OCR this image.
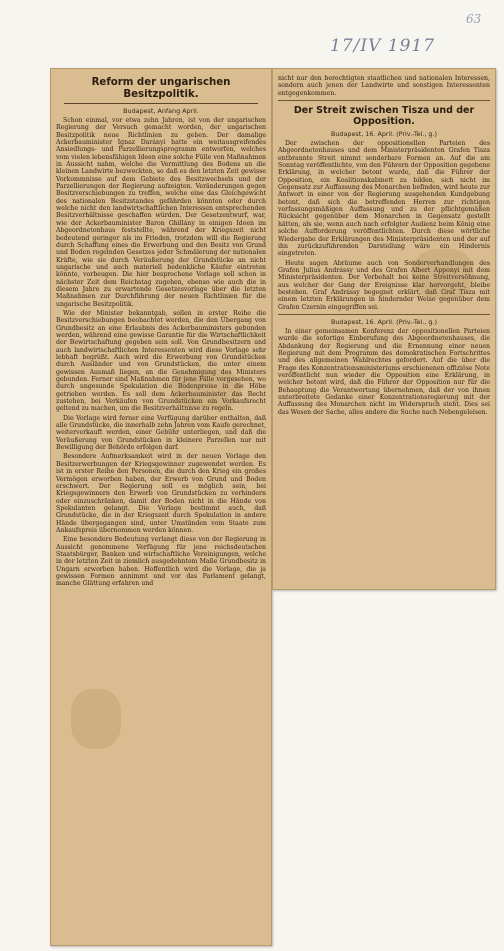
63
17/IV 1917
Reform der ungarischen Besitzpolitik.
Budapest, Anfang April.

Schon einmal, vor etwa zehn Jahren, ist von der ungarischen Regierung der Versuch gemacht worden, der ungarischen Besitzpolitik neue Richtlinien zu geben. Der damalige Ackerbauminister Ignaz Darányi hatte ein weitausgreifendes Ansiedlungs- und Parzellierungsprogramm entworfen, welches vom vielen lebensfähigen Ideen eine solche Fülle von Maßnahmen in Aussicht nahm, welche die Vermittlung des Bodens an die kleinen Landwirte bezweckten, so daß es den letzten Zeit gewisse Vorkommnisse auf dem Gebiete des Besitzwechsels und der Parzellierungen der Regierung aufzeigten. Veränderungen gegen Besitzverschiebungen zu treffen, welche eine das Gleichgewicht des nationalen Besitzstandes gefährden könnten oder durch welche nicht den landwirtschaftlichen Interessen entsprechenden Besitzverhältnisse geschaffen würden. Der Gesetzentwurf, war, wie der Ackerbauminister Baron Ghillány in einigen Ideen im Abgeordnetenhaus feststellte, während der Kriegszeit nicht bedeutend geringer als im Frieden, trotzdem will die Regierung durch Schaffung eines die Erwerbung und den Besitz von Grund und Boden regelnden Gesetzes jeder Schmälerung der nationalen Kräfte, wie sie durch Veräußerung der Grundstücke an nicht ungarische und auch materiell bedenkliche Käufer eintreten könnte, vorbeugen. Die hier besprochene Vorlage soll schon in nächster Zeit dem Reichstag zugehen, ebenso wie auch die in diesem Jahre zu erwartende Gesetzesvorlage über die letzten Maßnahmen zur Durchführung der neuen Richtlinien für die ungarische Besitzpolitik.

Wie der Minister bekanntgab, sollen in erster Reihe die Besitzverschiebungen beobachtet werden, die den Übergang von Grundbesitz an eine Erlaubnis des Ackerbauministers gebunden werden, während eine gewisse Garantie für die Wirtschaftlichkeit der Bewirtschaftung gegeben sein soll. Von Grundbesitzern und auch landwirtschaftlichen Interessenten wird diese Vorlage sehr lebhaft begrüßt. Auch wird die Erwerbung von Grundstücken durch Ausländer und von Grundstücken, die unter einem gewissen Ausmaß liegen, an die Genehmigung des Ministers gebunden. Ferner sind Maßnahmen für jene Fälle vorgesehen, wo durch ungesunde Spekulation die Bodenpreise in die Höhe getrieben werden. Es soll dem Ackerbauminister das Recht zustehen, bei Verkäufen von Grundstücken ein Vorkaufsrecht geltend zu machen, um die Besitzverhältnisse zu regeln.

Die Vorlage wird ferner eine Verfügung darüber enthalten, daß alle Grundstücke, die innerhalb zehn Jahren vom Kaufe gerechnet, weiterverkauft werden, einer Gebühr unterliegen, und daß die Veräußerung von Grundstücken in kleinere Parzellen nur mit Bewilligung der Behörde erfolgen darf.

Besondere Aufmerksamkeit wird in der neuen Vorlage den Besitzerwerbungen der Kriegsgewinner zugewendet werden. Es ist in erster Reihe den Personen, die durch den Krieg ein großes Vermögen erworben haben, der Erwerb von Grund und Boden erschwert. Der Regierung soll es möglich sein, bei Kriegsgewinnern den Erwerb von Grundstücken zu verhindern oder einzuschränken, damit der Boden nicht in die Hände von Spekulanten gelangt. Die Vorlage bestimmt auch, daß Grundstücke, die in der Kriegszeit durch Spekulation in andere Hände übergegangen sind, unter Umständen vom Staate zum Ankaufspreis übernommen werden können.

Eine besondere Bedeutung verlangt diese von der Regierung in Aussicht genommene Verfügung für jene reichsdeutschen Staatsbürger, Banken und wirtschaftliche Vereinigungen, welche in der letzten Zeit in ziemlich ausgedehntem Maße Grundbesitz in Ungarn erworben haben. Hoffentlich wird die Vorlage, die ja gewissen Formen annimmt und vor das Parlament gelangt, manche Glättung erfahren und

nicht nur den berechtigten staatlichen und nationalen Interessen, sondern auch jenen der Landwirte und sonstigen Interessenten entgegenkommen.

Der Streit zwischen Tisza und der Opposition.
Budapest, 16. April. (Priv.-Tel., g.)

Der zwischen der oppositionellen Parteien des Abgeordnetenhauses und dem Ministerpräsidenten Grafen Tisza entbrannte Streit nimmt sonderbare Formen an. Auf die am Sonntag veröffentlichte, von den Führern der Opposition gegebene Erklärung, in welcher betont wurde, daß die Führer der Opposition, ein Koalitionskabinett zu bilden, sich nicht im Gegensatz zur Auffassung des Monarchen befinden, wird heute zur Antwort in einer von der Regierung ausgehenden Kundgebung betont, daß sich die betreffenden Herren zur richtigen verfassungsmäßigen Auffassung und zu der pflichtgemäßen Rücksicht gegenüber dem Monarchen in Gegensatz gestellt hätten, als sie, wenn auch nach erfolgter Audienz beim König eine solche Aufforderung veröffentlichten. Durch diese wörtliche Wiedergabe der Erklärungen des Ministerpräsidenten und der auf ihn zurückzuführenden Darstellung wäre ein Hindernis eingetreten.

Heute sagen Abräume auch von Sonderverhandlungen des Grafen Julius Andrássy und des Grafen Albert Apponyi mit dem Ministerpräsidenten. Der Vorbehalt bei keine Streitversöhnung, aus welcher der Gang der Ereignisse klar hervorgeht, bleibe bestehen. Graf Andrássy begegnet erklärt, daß Graf Tisza mit einem letzten Erklärungen in hindernder Weise gegenüber dem Grafen Czernin eingegriffen sei.

Budapest, 16. April. (Priv.-Tel., g.)

In einer gemeinsamen Konferenz der oppositionellen Parteien wurde die sofortige Einberufung des Abgeordnetenhauses, die Abdankung der Regierung und die Ernennung einer neuen Regierung mit dem Programm des demokratischen Fortschrittes und des allgemeinen Wahlrechtes gefordert. Auf die über die Frage des Konzentrationsministeriums erschienenen offiziöse Note veröffentlicht nun wieder die Opposition eine Erklärung, in welcher betont wird, daß die Führer der Opposition nur für die Behauptung die Verantwortung übernehmen, daß der von ihnen unterbreitete Gedanke einer Konzentrationsregierung mit der Auffassung des Monarchen nicht im Widerspruch steht. Dies sei das Wesen der Sache, alles andere die Suche nach Nebengeleisen.
